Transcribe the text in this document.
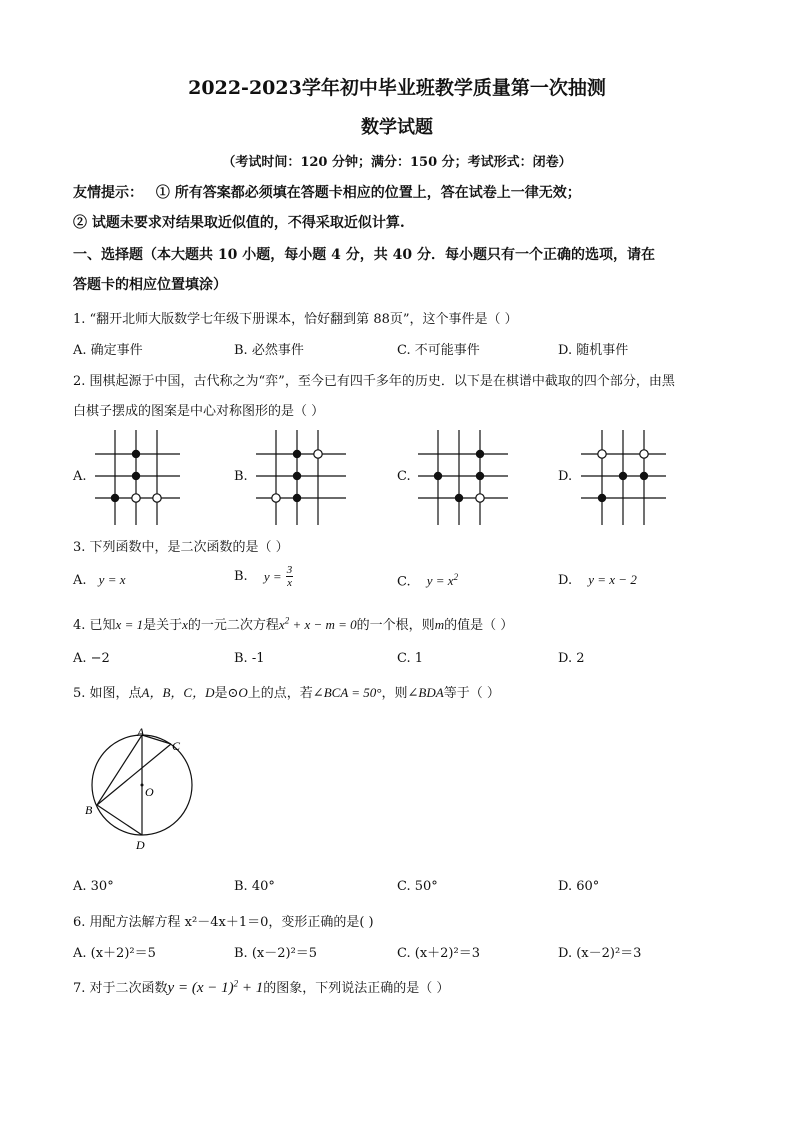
2022-2023学年初中毕业班教学质量第一次抽测
数学试题
（考试时间：120 分钟；满分：150 分；考试形式：闭卷）
友情提示： ① 所有答案都必须填在答题卡相应的位置上，答在试卷上一律无效；
② 试题未要求对结果取近似值的，不得采取近似计算.
一、选择题（本大题共 10 小题，每小题 4 分，共 40 分．每小题只有一个正确的选项，请在
答题卡的相应位置填涂）
1. “翻开北师大版数学七年级下册课本，恰好翻到第 88页”，这个事件是（ ）
A. 确定事件	B. 必然事件	C. 不可能事件	D. 随机事件
2. 围棋起源于中国，古代称之为“弈”，至今已有四千多年的历史．以下是在棋谱中截取的四个部分，由黑
白棋子摆成的图案是中心对称图形的是（ ）
A.	B.	C.	D.
3. 下列函数中，是二次函数的是（ ）
A. y = x	B. $y = \frac{3}{x}$	C. $y = x^2$	D. y = x − 2
4. 已知x = 1是关于x的一元二次方程$x^2 + x - m = 0$的一个根，则m的值是（ ）
A. −2	B. -1	C. 1	D. 2
5. 如图，点A，B，C，D是⊙O上的点，若∠BCA = 50°，则∠BDA等于（ ）
A
C
O
B
D
A. 30°	B. 40°	C. 50°	D. 60°
6. 用配方法解方程 x²－4x＋1＝0，变形正确的是( )
A. (x＋2)²＝5	B. (x－2)²＝5	C. (x＋2)²＝3	D. (x－2)²＝3
7. 对于二次函数$y = (x - 1)^2 + 1$的图象，下列说法正确的是（ ）
